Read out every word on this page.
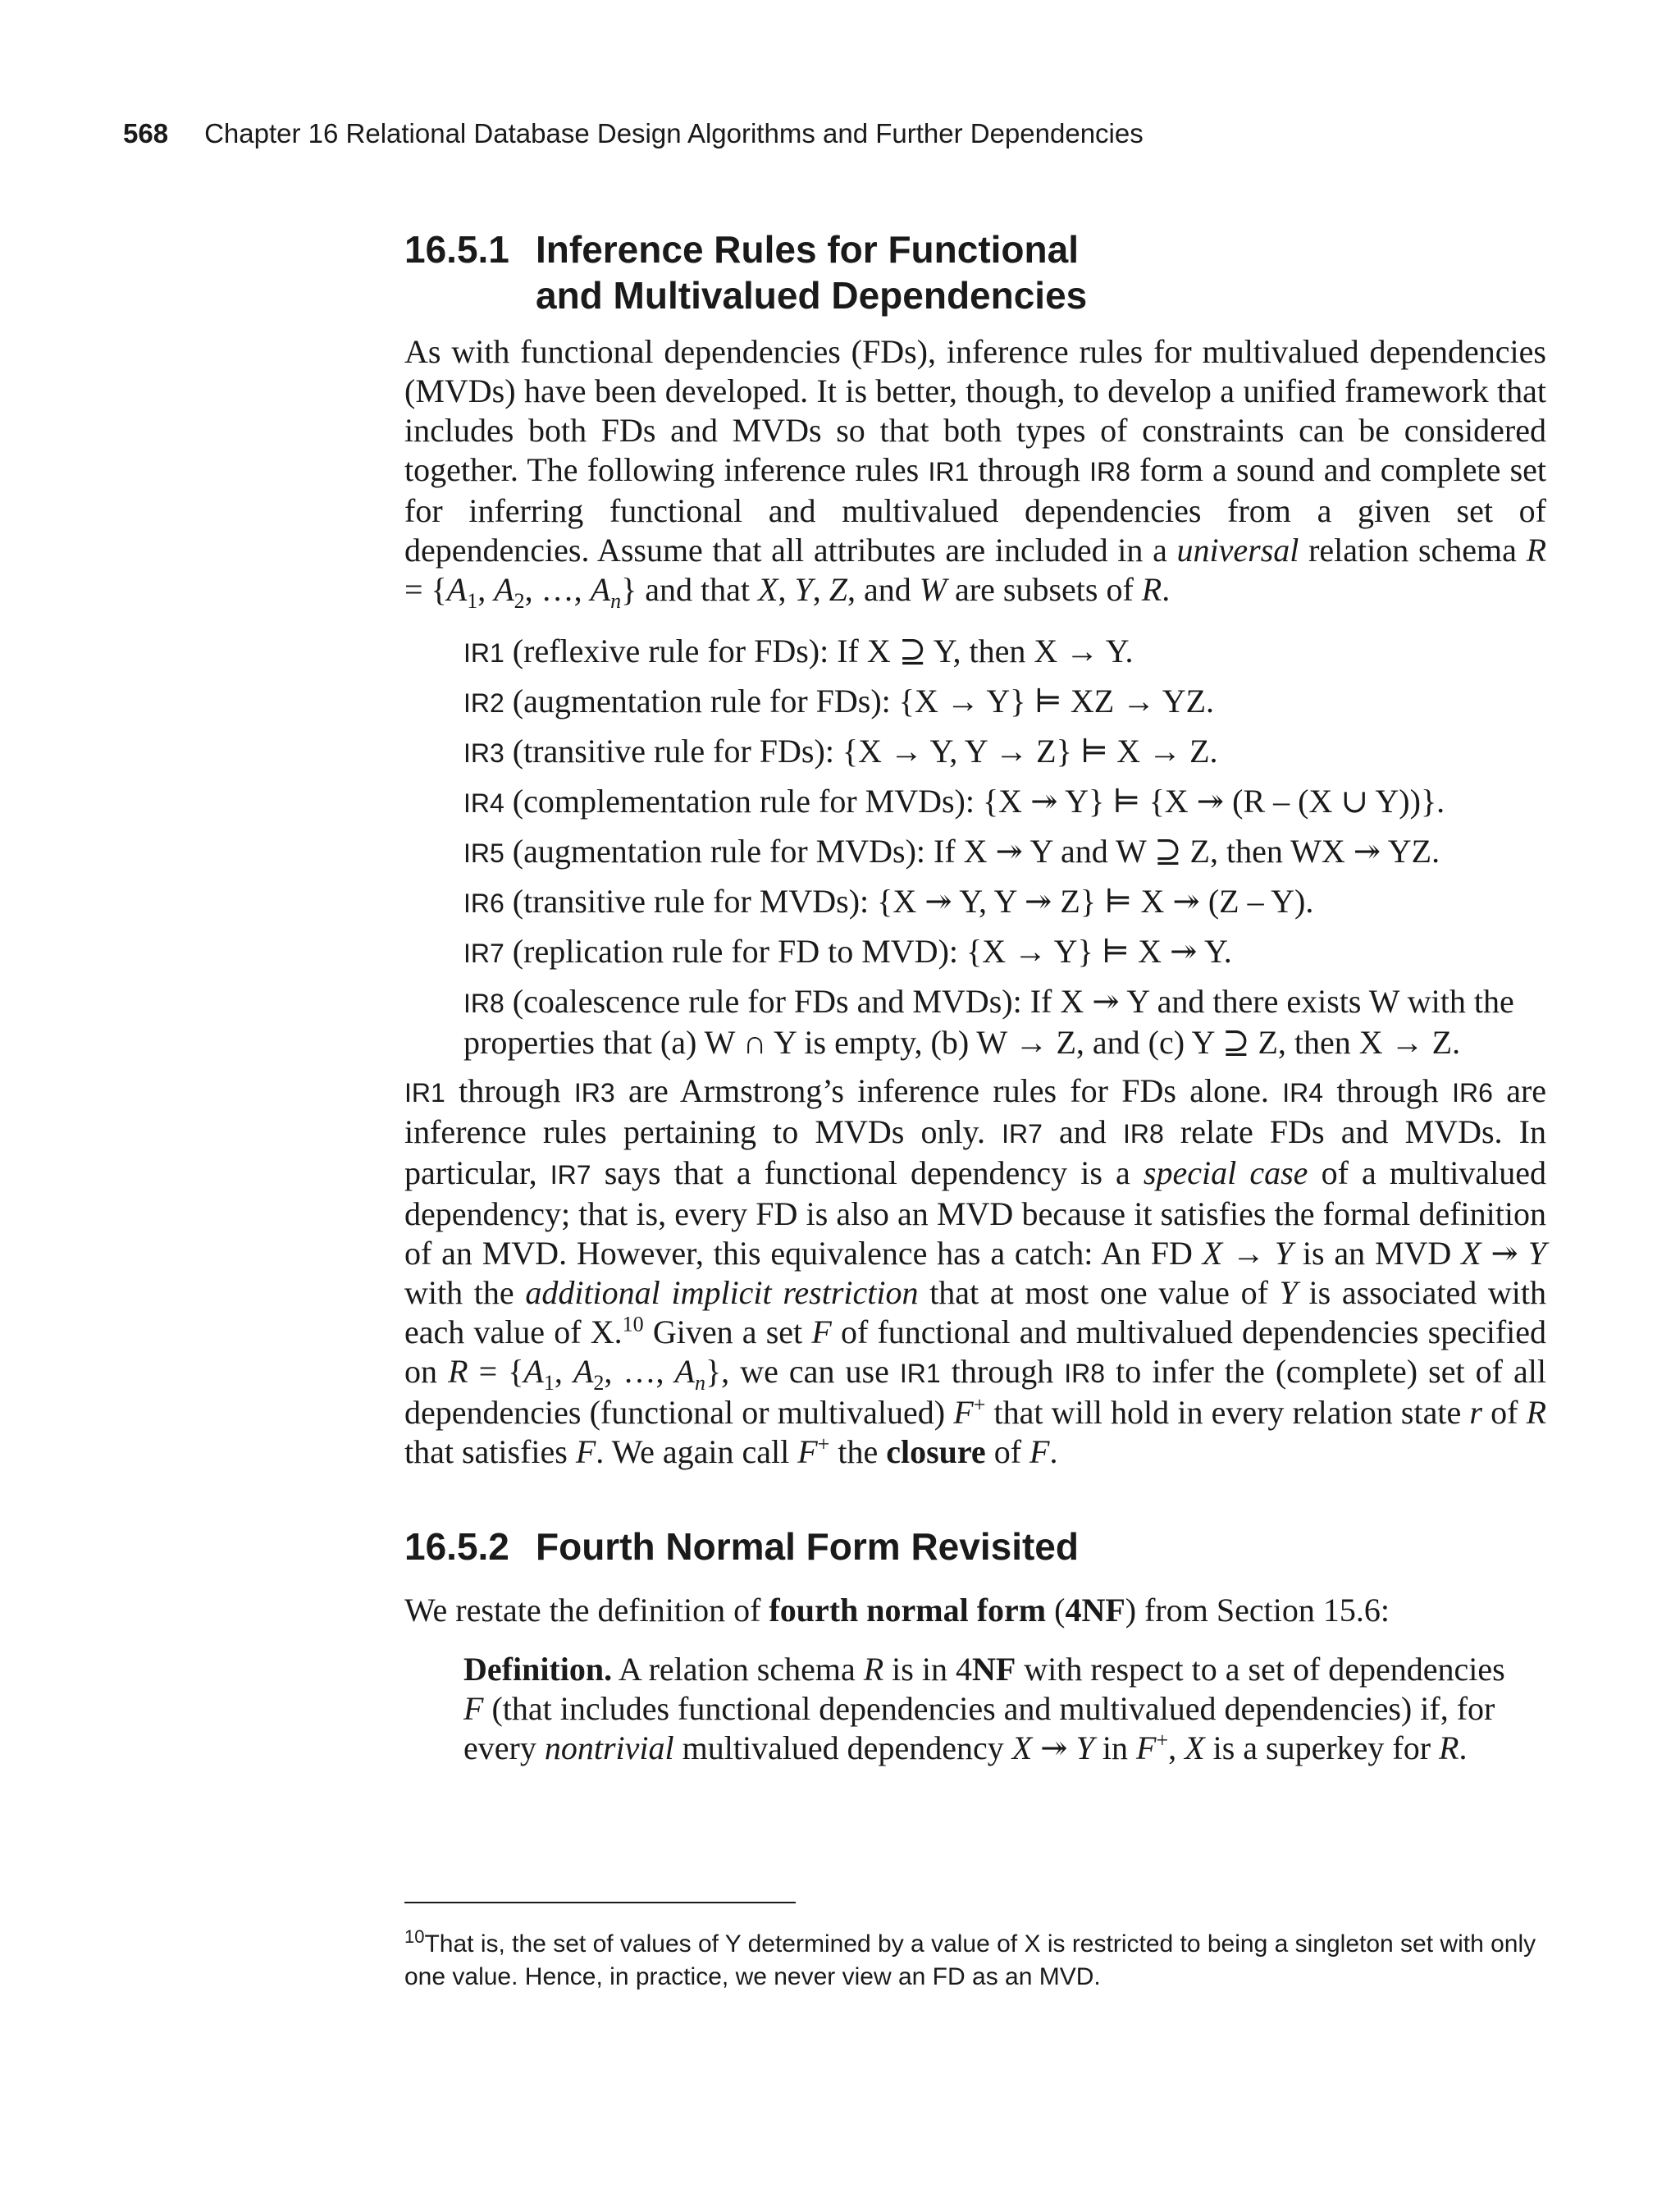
568 Chapter 16 Relational Database Design Algorithms and Further Dependencies
16.5.1 Inference Rules for Functional
and Multivalued Dependencies
As with functional dependencies (FDs), inference rules for multivalued dependencies (MVDs) have been developed. It is better, though, to develop a unified framework that includes both FDs and MVDs so that both types of constraints can be considered together. The following inference rules IR1 through IR8 form a sound and complete set for inferring functional and multivalued dependencies from a given set of dependencies. Assume that all attributes are included in a universal relation schema $R = \{A_1$, $A_2$, …, $A_n$} and that X, Y, Z, and W are subsets of R.
IR1 (reflexive rule for FDs): If X ⊇ Y, then X → Y.
IR2 (augmentation rule for FDs): {X → Y} ⊨ XZ → YZ.
IR3 (transitive rule for FDs): {X → Y, Y → Z} ⊨ X → Z.
IR4 (complementation rule for MVDs): {X ↠ Y} ⊨ {X ↠ (R – (X ∪ Y))}.
IR5 (augmentation rule for MVDs): If X ↠ Y and W ⊇ Z, then WX ↠ YZ.
IR6 (transitive rule for MVDs): {X ↠ Y, Y ↠ Z} ⊨ X ↠ (Z – Y).
IR7 (replication rule for FD to MVD): {X → Y} ⊨ X ↠ Y.
IR8 (coalescence rule for FDs and MVDs): If X ↠ Y and there exists W with the properties that (a) W ∩ Y is empty, (b) W → Z, and (c) Y ⊇ Z, then X → Z.
IR1 through IR3 are Armstrong’s inference rules for FDs alone. IR4 through IR6 are inference rules pertaining to MVDs only. IR7 and IR8 relate FDs and MVDs. In particular, IR7 says that a functional dependency is a special case of a multivalued dependency; that is, every FD is also an MVD because it satisfies the formal definition of an MVD. However, this equivalence has a catch: An FD X → Y is an MVD X ↠ Y with the additional implicit restriction that at most one value of Y is associated with each value of X.$^{10}$ Given a set F of functional and multivalued dependencies specified on $R = \{A_1$, $A_2$, …, $A_n$}, we can use IR1 through IR8 to infer the (complete) set of all dependencies (functional or multivalued) F+ that will hold in every relation state r of R that satisfies F. We again call F+ the closure of F.
16.5.2 Fourth Normal Form Revisited
We restate the definition of fourth normal form (4NF) from Section 15.6:
Definition. A relation schema R is in 4NF with respect to a set of dependencies F (that includes functional dependencies and multivalued dependencies) if, for every nontrivial multivalued dependency X ↠ Y in F+, X is a superkey for R.
$^{10}$That is, the set of values of Y determined by a value of X is restricted to being a singleton set with only one value. Hence, in practice, we never view an FD as an MVD.
